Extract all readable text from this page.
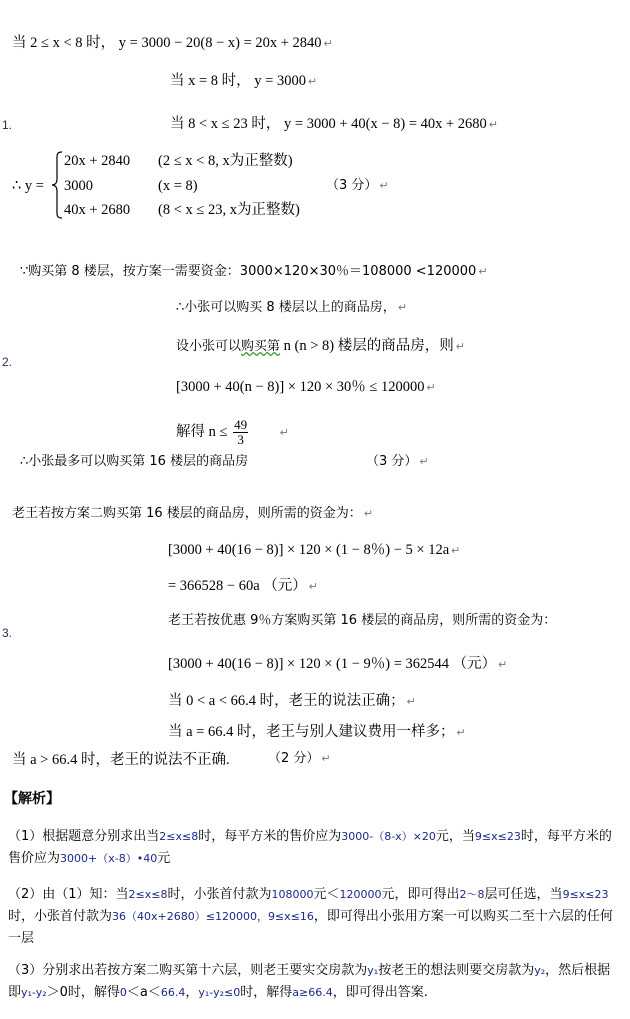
当 2 ≤ x < 8 时， y = 3000 − 20(8 − x) = 20x + 2840 ↵
当 x = 8 时， y = 3000 ↵
1.	当 8 < x ≤ 23 时， y = 3000 + 40(x − 8) = 40x + 2680 ↵
∴ y =
20x + 2840 (2 ≤ x < 8, x为正整数)
3000	(x = 8)	（3 分） ↵
40x + 2680 (8 < x ≤ 23, x为正整数)
∵购买第 8 楼层，按方案一需要资金：3000×120×30％＝108000 <120000 ↵
∴小张可以购买 8 楼层以上的商品房， ↵
设小张可以购买第 n (n > 8) 楼层的商品房，则 ↵
2.
[3000 + 40(n − 8)] × 120 × 30％ ≤ 120000 ↵
解得 $n \le \frac{49}{3}$	↵
∴小张最多可以购买第 16 楼层的商品房	（3 分） ↵
老王若按方案二购买第 16 楼层的商品房，则所需的资金为： ↵
[3000 + 40(16 − 8)] × 120 × (1 − 8％) − 5 × 12a ↵
= 366528 − 60a （元） ↵
老王若按优惠 9％方案购买第 16 楼层的商品房，则所需的资金为：
3.
[3000 + 40(16 − 8)] × 120 × (1 − 9％) = 362544 （元） ↵
当 0 < a < 66.4 时，老王的说法正确； ↵
当 a = 66.4 时，老王与别人建议费用一样多； ↵
当 a > 66.4 时，老王的说法不正确.	（2 分） ↵
【解析】
（1）根据题意分别求出当2≤x≤8时，每平方米的售价应为3000-（8-x）×20元，当9≤x≤23时，每平方米的售价应为3000+（x-8）•40元
（2）由（1）知：当2≤x≤8时，小张首付款为108000元＜120000元，即可得出2～8层可任选，当9≤x≤23时，小张首付款为36（40x+2680）≤120000，9≤x≤16，即可得出小张用方案一可以购买二至十六层的任何一层
（3）分别求出若按方案二购买第十六层，则老王要实交房款为y₁按老王的想法则要交房款为y₂，然后根据即y₁-y₂＞0时，解得0＜a＜66.4，y₁-y₂≤0时，解得a≥66.4，即可得出答案.
